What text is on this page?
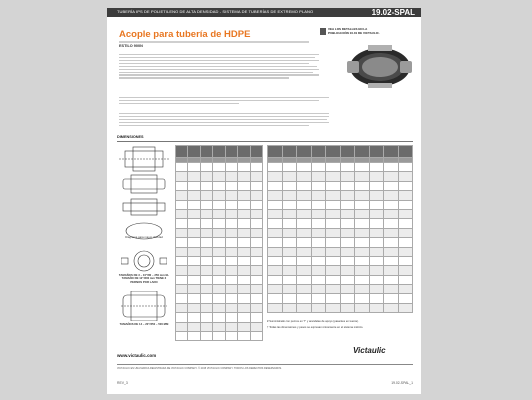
TUBERÍA IPS DE POLIETILENO DE ALTA DENSIDAD - SISTEMA DE TUBERÍAS DE EXTREMO PLANO	19.02-SPAL
Acople para tubería de HDPE
ESTILO 900N
VEA LOS DETALLES EN LA PUBLICACIÓN 10.01 DE VICTAULIC.
DIMENSIONES
Diagrama para mayor claridad
TAMAÑOS DE 3 – 10"/80 – 250 mm EL TAMAÑO DE 12"/300 mm TIENE 2 PERNOS POR LADO
TAMAÑOS DE 14 – 20"/350 – 500 MM

# Suministrado con pernos en "I" y arandelas de apoyo (pasantes en tuerca).
† Todas las dimensiones y pesos se expresan únicamente en el sistema métrico.
www.victaulic.com
Victaulic
VICTAULIC ES UNA MARCA REGISTRADA DE VICTAULIC COMPANY. © 2015 VICTAULIC COMPANY. TODOS LOS DERECHOS RESERVADOS.
REV_3	19.02-SPAL_1
